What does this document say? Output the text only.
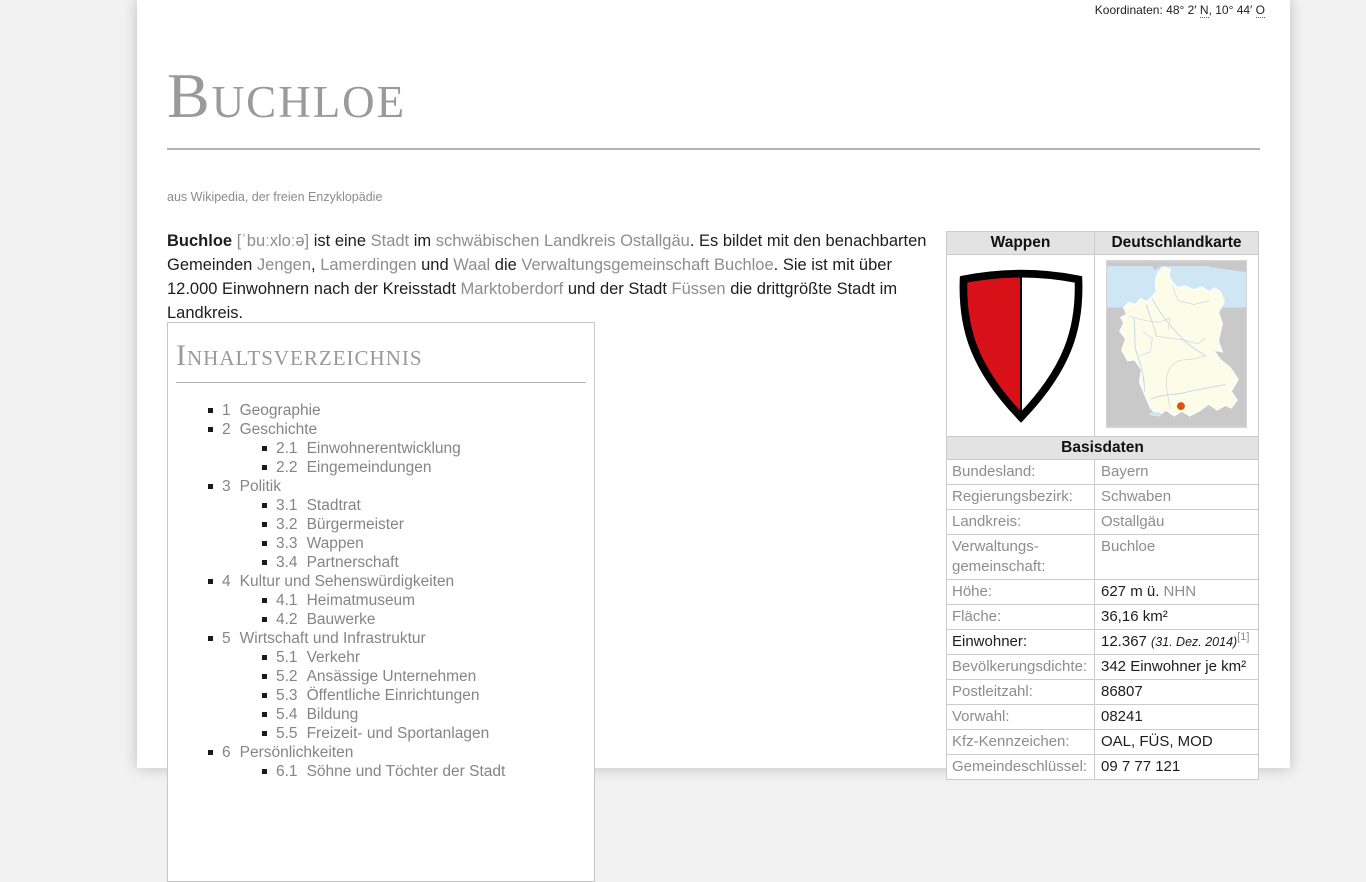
Koordinaten: 48° 2′ N, 10° 44′ O
Buchloe
aus Wikipedia, der freien Enzyklopädie

Buchloe [ˈbuːxloːə] ist eine Stadt im schwäbischen Landkreis Ostallgäu. Es bildet mit den benachbarten Gemeinden Jengen, Lamerdingen und Waal die Verwaltungsgemeinschaft Buchloe. Sie ist mit über 12.000 Einwohnern nach der Kreisstadt Marktoberdorf und der Stadt Füssen die drittgrößte Stadt im Landkreis.

Inhaltsverzeichnis
1 Geographie
2 Geschichte
2.1 Einwohnerentwicklung
2.2 Eingemeindungen
3 Politik
3.1 Stadtrat
3.2 Bürgermeister
3.3 Wappen
3.4 Partnerschaft
4 Kultur und Sehenswürdigkeiten
4.1 Heimatmuseum
4.2 Bauwerke
5 Wirtschaft und Infrastruktur
5.1 Verkehr
5.2 Ansässige Unternehmen
5.3 Öffentliche Einrichtungen
5.4 Bildung
5.5 Freizeit- und Sportanlagen
6 Persönlichkeiten
6.1 Söhne und Töchter der Stadt
Wappen	Deutschlandkarte

Basisdaten	
Bundesland:	Bayern
Regierungsbezirk:	Schwaben
Landkreis:	Ostallgäu
Verwaltungs-gemeinschaft:	Buchloe
Höhe:	627 m ü. NHN
Fläche:	36,16 km²
Einwohner:	12.367 (31. Dez. 2014)[1]
Bevölkerungsdichte:	342 Einwohner je km²
Postleitzahl:	86807
Vorwahl:	08241
Kfz-Kennzeichen:	OAL, FÜS, MOD
Gemeindeschlüssel:	09 7 77 121
